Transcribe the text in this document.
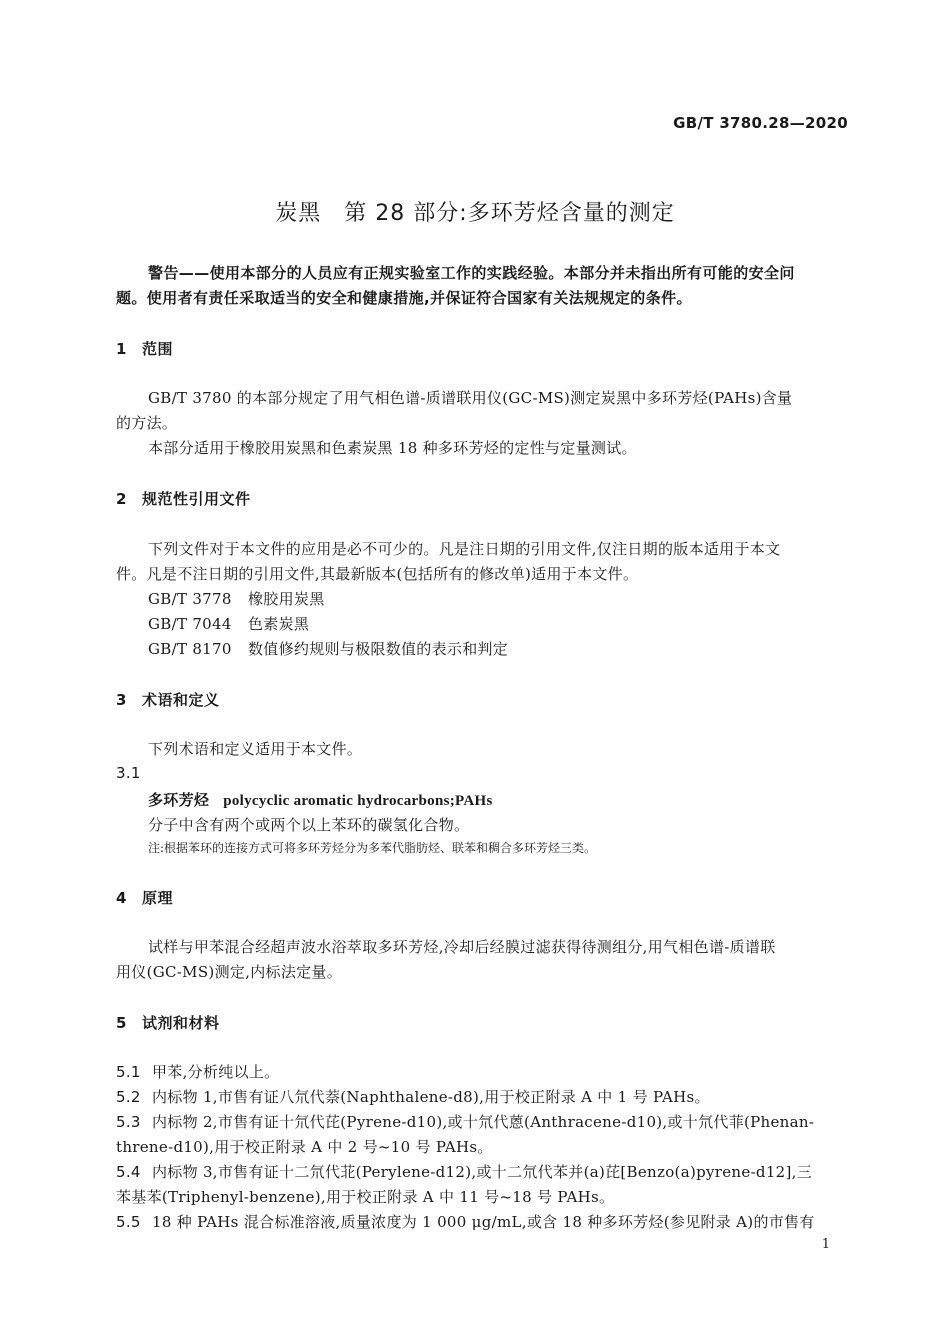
GB/T 3780.28—2020
炭黑　第 28 部分:多环芳烃含量的测定
警告——使用本部分的人员应有正规实验室工作的实践经验。本部分并未指出所有可能的安全问
题。使用者有责任采取适当的安全和健康措施,并保证符合国家有关法规规定的条件。
1 范围
GB/T 3780 的本部分规定了用气相色谱-质谱联用仪(GC-MS)测定炭黑中多环芳烃(PAHs)含量
的方法。
本部分适用于橡胶用炭黑和色素炭黑 18 种多环芳烃的定性与定量测试。
2 规范性引用文件
下列文件对于本文件的应用是必不可少的。凡是注日期的引用文件,仅注日期的版本适用于本文
件。凡是不注日期的引用文件,其最新版本(包括所有的修改单)适用于本文件。
GB/T 3778 橡胶用炭黑
GB/T 7044 色素炭黑
GB/T 8170 数值修约规则与极限数值的表示和判定
3 术语和定义
下列术语和定义适用于本文件。
3.1
多环芳烃 polycyclic aromatic hydrocarbons;PAHs
分子中含有两个或两个以上苯环的碳氢化合物。
注:根据苯环的连接方式可将多环芳烃分为多苯代脂肪烃、联苯和稠合多环芳烃三类。
4 原理
试样与甲苯混合经超声波水浴萃取多环芳烃,冷却后经膜过滤获得待测组分,用气相色谱-质谱联
用仪(GC-MS)测定,内标法定量。
5 试剂和材料
5.1 甲苯,分析纯以上。
5.2 内标物 1,市售有证八氘代萘(Naphthalene-d8),用于校正附录 A 中 1 号 PAHs。
5.3 内标物 2,市售有证十氘代芘(Pyrene-d10),或十氘代蒽(Anthracene-d10),或十氘代菲(Phenan-
threne-d10),用于校正附录 A 中 2 号~10 号 PAHs。
5.4 内标物 3,市售有证十二氘代苝(Perylene-d12),或十二氘代苯并(a)芘[Benzo(a)pyrene-d12],三
苯基苯(Triphenyl-benzene),用于校正附录 A 中 11 号~18 号 PAHs。
5.5 18 种 PAHs 混合标准溶液,质量浓度为 1 000 μg/mL,或含 18 种多环芳烃(参见附录 A)的市售有
1
